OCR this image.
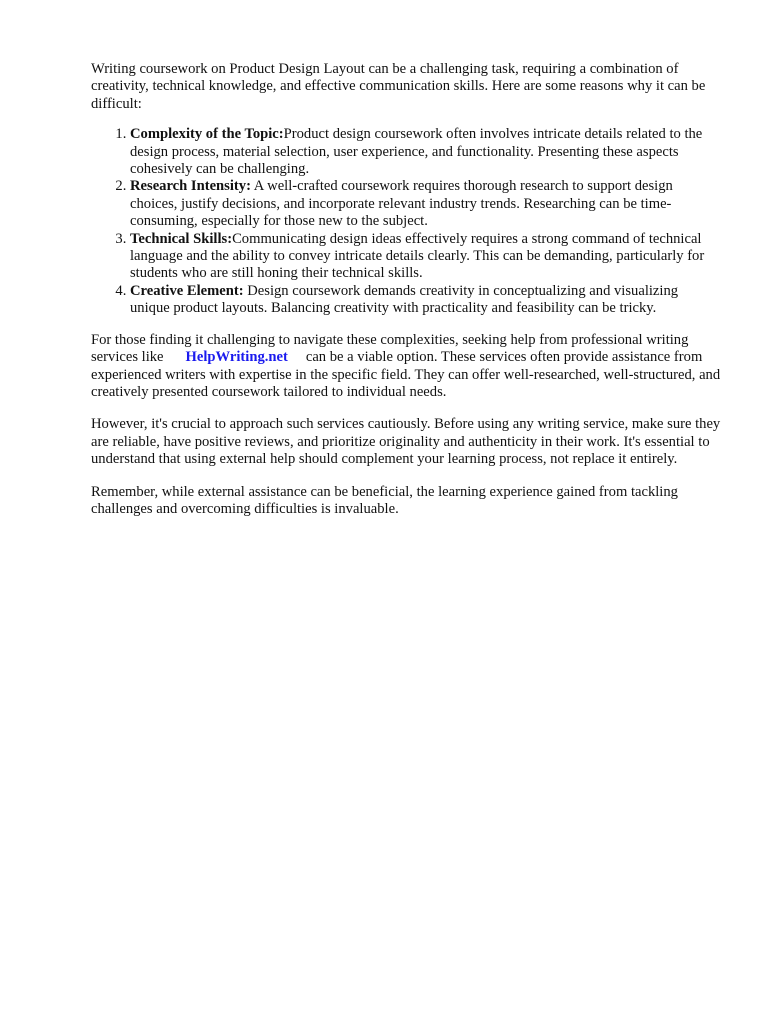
Writing coursework on Product Design Layout can be a challenging task, requiring a combination of creativity, technical knowledge, and effective communication skills. Here are some reasons why it can be difficult:

1. Complexity of the Topic:Product design coursework often involves intricate details related to the design process, material selection, user experience, and functionality. Presenting these aspects cohesively can be challenging.
2. Research Intensity: A well-crafted coursework requires thorough research to support design choices, justify decisions, and incorporate relevant industry trends. Researching can be time-consuming, especially for those new to the subject.
3. Technical Skills:Communicating design ideas effectively requires a strong command of technical language and the ability to convey intricate details clearly. This can be demanding, particularly for students who are still honing their technical skills.
4. Creative Element: Design coursework demands creativity in conceptualizing and visualizing unique product layouts. Balancing creativity with practicality and feasibility can be tricky.

For those finding it challenging to navigate these complexities, seeking help from professional writing services like HelpWriting.net can be a viable option. These services often provide assistance from experienced writers with expertise in the specific field. They can offer well-researched, well-structured, and creatively presented coursework tailored to individual needs.

However, it's crucial to approach such services cautiously. Before using any writing service, make sure they are reliable, have positive reviews, and prioritize originality and authenticity in their work. It's essential to understand that using external help should complement your learning process, not replace it entirely.

Remember, while external assistance can be beneficial, the learning experience gained from tackling challenges and overcoming difficulties is invaluable.
